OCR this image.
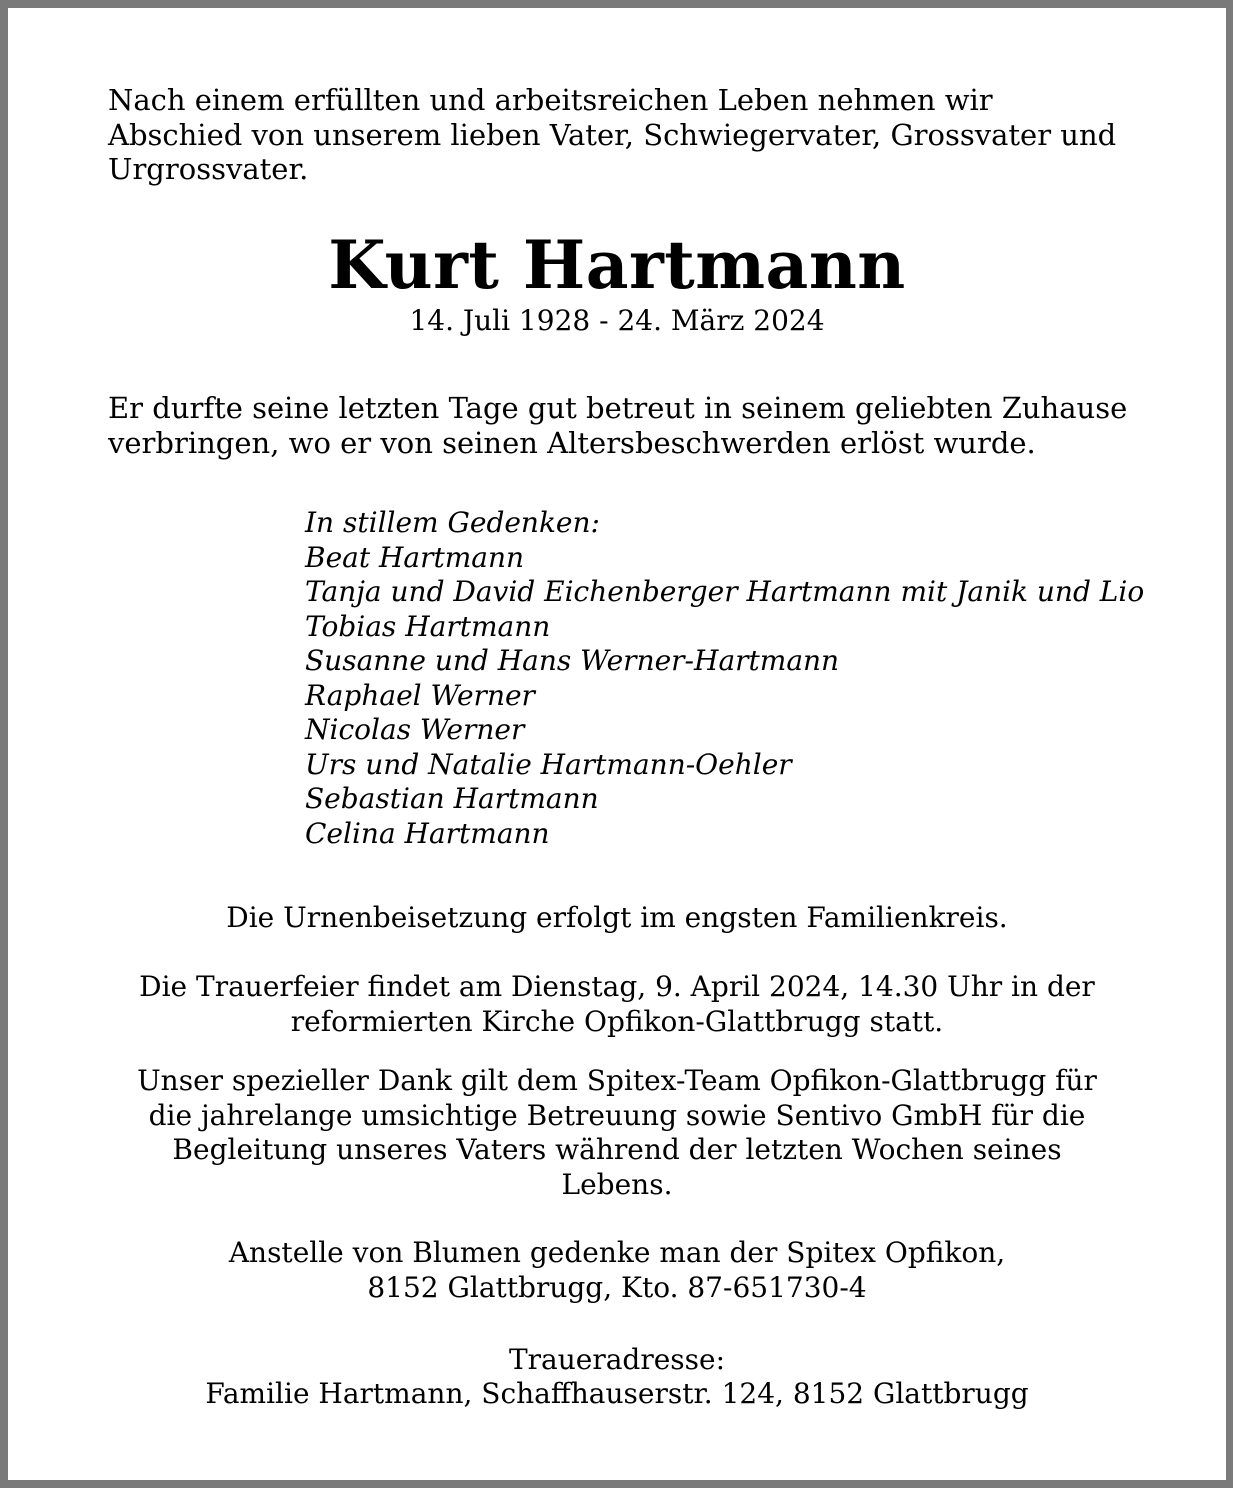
Nach einem erfüllten und arbeitsreichen Leben nehmen wir
Abschied von unserem lieben Vater, Schwiegervater, Grossvater und
Urgrossvater.

Kurt Hartmann
14. Juli 1928 - 24. März 2024

Er durfte seine letzten Tage gut betreut in seinem geliebten Zuhause
verbringen, wo er von seinen Altersbeschwerden erlöst wurde.

In stillem Gedenken:
Beat Hartmann
Tanja und David Eichenberger Hartmann mit Janik und Lio
Tobias Hartmann
Susanne und Hans Werner-Hartmann
Raphael Werner
Nicolas Werner
Urs und Natalie Hartmann-Oehler
Sebastian Hartmann
Celina Hartmann

Die Urnenbeisetzung erfolgt im engsten Familienkreis.

Die Trauerfeier findet am Dienstag, 9. April 2024, 14.30 Uhr in der
reformierten Kirche Opfikon-Glattbrugg statt.

Unser spezieller Dank gilt dem Spitex-Team Opfikon-Glattbrugg für
die jahrelange umsichtige Betreuung sowie Sentivo GmbH für die
Begleitung unseres Vaters während der letzten Wochen seines
Lebens.

Anstelle von Blumen gedenke man der Spitex Opfikon,
8152 Glattbrugg, Kto. 87-651730-4

Traueradresse:

Familie Hartmann, Schaffhauserstr. 124, 8152 Glattbrugg
